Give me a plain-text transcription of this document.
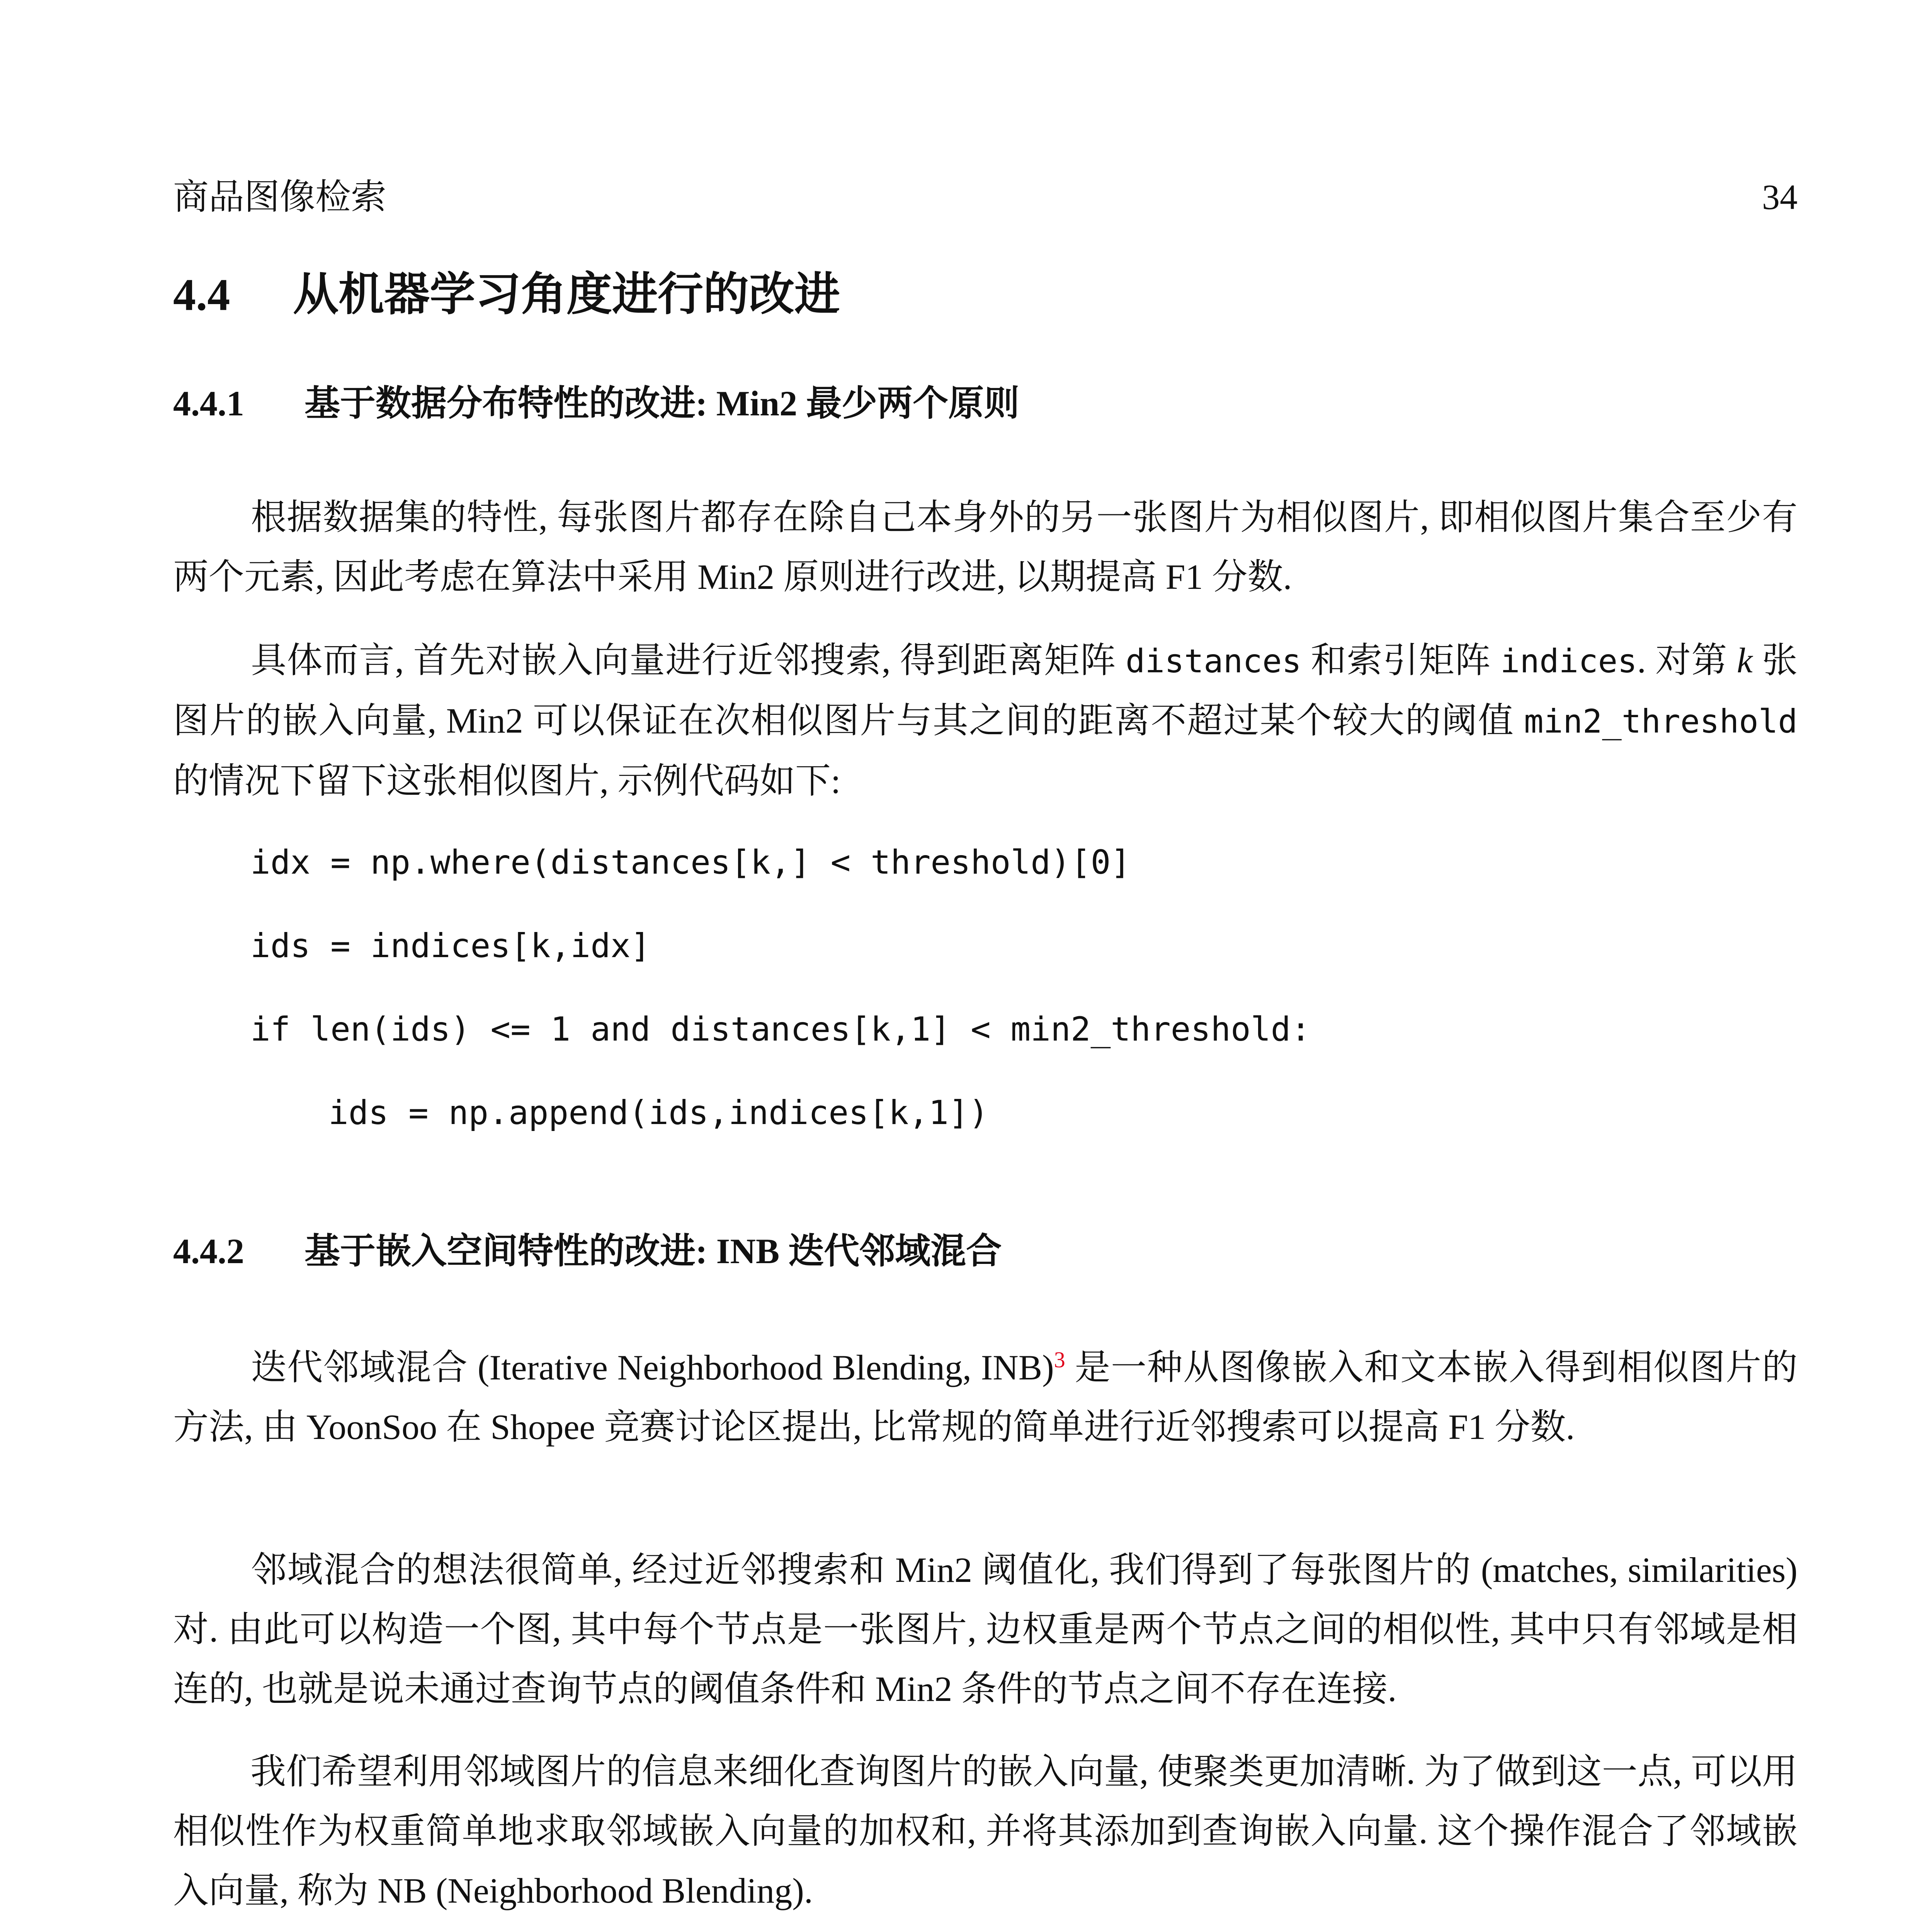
商品图像检索	34
4.4 从机器学习角度进行的改进
4.4.1 基于数据分布特性的改进: Min2 最少两个原则

根据数据集的特性, 每张图片都存在除自己本身外的另一张图片为相似图片, 即相似图片集合至少有两个元素, 因此考虑在算法中采用 Min2 原则进行改进, 以期提高 F1 分数.

具体而言, 首先对嵌入向量进行近邻搜索, 得到距离矩阵 distances 和索引矩阵 indices. 对第 k 张图片的嵌入向量, Min2 可以保证在次相似图片与其之间的距离不超过某个较大的阈值 min2_threshold 的情况下留下这张相似图片, 示例代码如下:

idx = np.where(distances[k,] < threshold)[0]
ids = indices[k,idx]
if len(ids) <= 1 and distances[k,1] < min2_threshold:
ids = np.append(ids,indices[k,1])
4.4.2 基于嵌入空间特性的改进: INB 迭代邻域混合

迭代邻域混合 (Iterative Neighborhood Blending, INB)$^3$ 是一种从图像嵌入和文本嵌入得到相似图片的方法, 由 YoonSoo 在 Shopee 竞赛讨论区提出, 比常规的简单进行近邻搜索可以提高 F1 分数.

邻域混合的想法很简单, 经过近邻搜索和 Min2 阈值化, 我们得到了每张图片的 (matches, similarities) 对. 由此可以构造一个图, 其中每个节点是一张图片, 边权重是两个节点之间的相似性, 其中只有邻域是相连的, 也就是说未通过查询节点的阈值条件和 Min2 条件的节点之间不存在连接.

我们希望利用邻域图片的信息来细化查询图片的嵌入向量, 使聚类更加清晰. 为了做到这一点, 可以用相似性作为权重简单地求取邻域嵌入向量的加权和, 并将其添加到查询嵌入向量. 这个操作混合了邻域嵌入向量, 称为 NB (Neighborhood Blending).
